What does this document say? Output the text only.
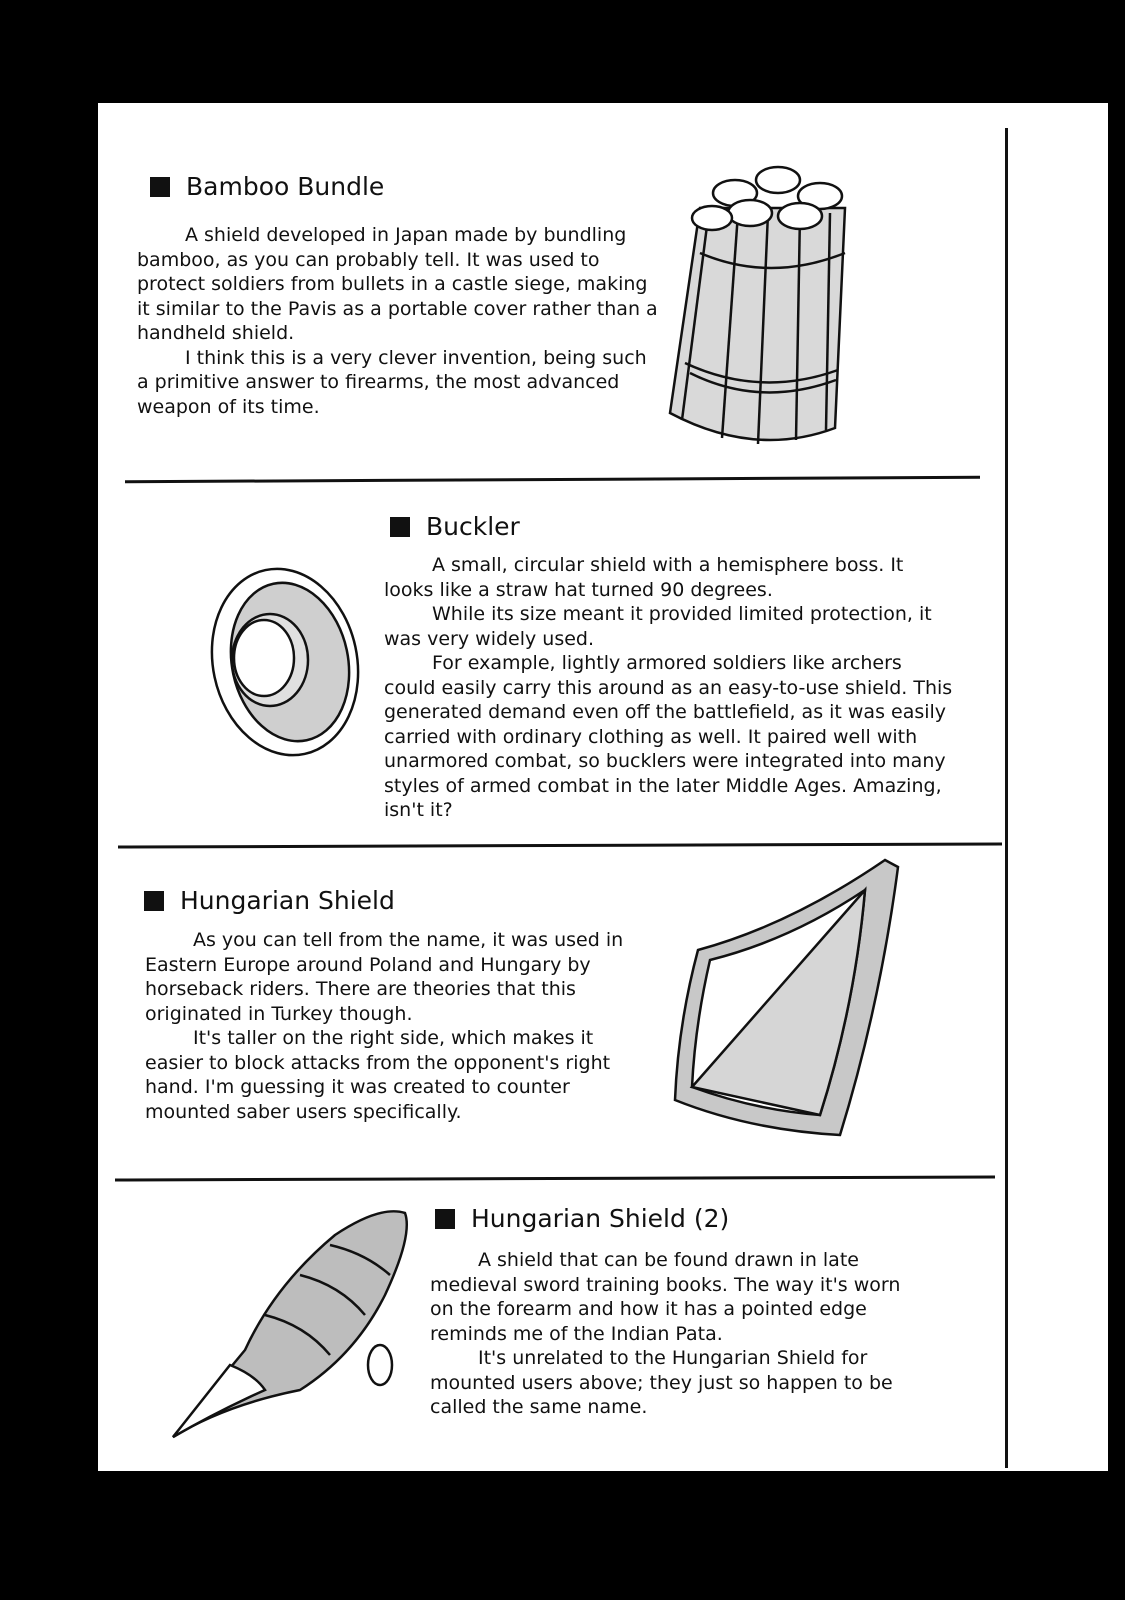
Bamboo Bundle

A shield developed in Japan made by bundling bamboo, as you can probably tell. It was used to protect soldiers from bullets in a castle siege, making it similar to the Pavis as a portable cover rather than a handheld shield.

I think this is a very clever invention, being such a primitive answer to firearms, the most advanced weapon of its time.

Buckler

A small, circular shield with a hemisphere boss. It looks like a straw hat turned 90 degrees.

While its size meant it provided limited protection, it was very widely used.

For example, lightly armored soldiers like archers could easily carry this around as an easy-to-use shield. This generated demand even off the battlefield, as it was easily carried with ordinary clothing as well. It paired well with unarmored combat, so bucklers were integrated into many styles of armed combat in the later Middle Ages. Amazing, isn't it?

Hungarian Shield

As you can tell from the name, it was used in Eastern Europe around Poland and Hungary by horseback riders. There are theories that this originated in Turkey though.

It's taller on the right side, which makes it easier to block attacks from the opponent's right hand. I'm guessing it was created to counter mounted saber users specifically.

Hungarian Shield (2)

A shield that can be found drawn in late medieval sword training books. The way it's worn on the forearm and how it has a pointed edge reminds me of the Indian Pata.

It's unrelated to the Hungarian Shield for mounted users above; they just so happen to be called the same name.
